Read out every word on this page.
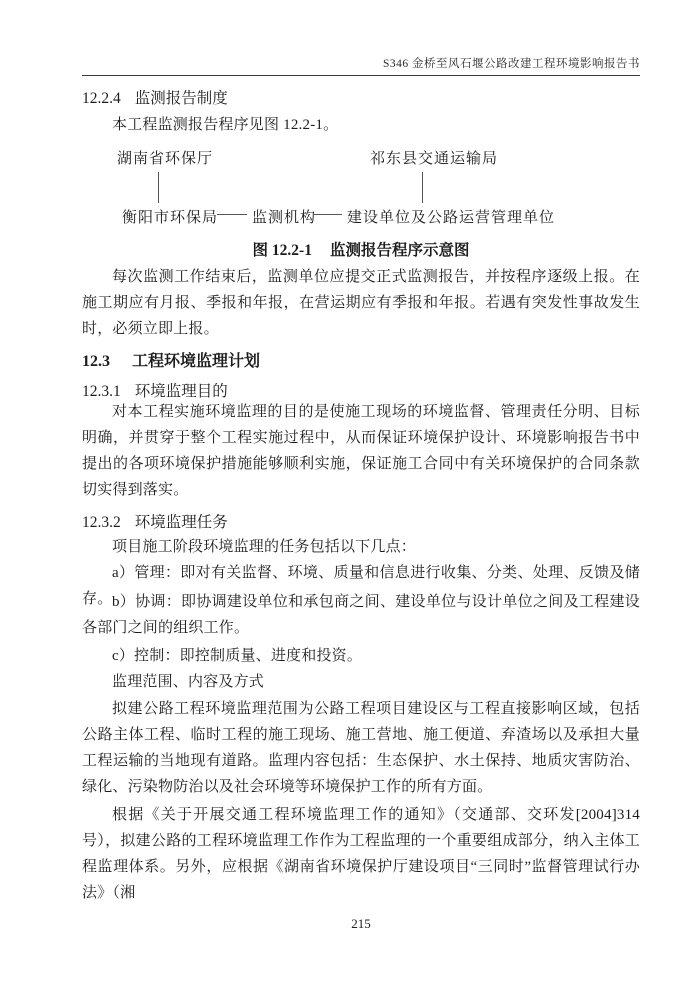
S346 金桥至风石堰公路改建工程环境影响报告书
12.2.4 监测报告制度
本工程监测报告程序见图 12.2-1。
湖南省环保厅	祁东县交通运输局
衡阳市环保局 监测机构 建设单位及公路运营管理单位
图 12.2-1 监测报告程序示意图
每次监测工作结束后，监测单位应提交正式监测报告，并按程序逐级上报。在施工期应有月报、季报和年报，在营运期应有季报和年报。若遇有突发性事故发生时，必须立即上报。
12.3 工程环境监理计划
12.3.1 环境监理目的
对本工程实施环境监理的目的是使施工现场的环境监督、管理责任分明、目标明确，并贯穿于整个工程实施过程中，从而保证环境保护设计、环境影响报告书中提出的各项环境保护措施能够顺利实施，保证施工合同中有关环境保护的合同条款切实得到落实。
12.3.2 环境监理任务
项目施工阶段环境监理的任务包括以下几点：
a）管理：即对有关监督、环境、质量和信息进行收集、分类、处理、反馈及储存。 b）协调：即协调建设单位和承包商之间、建设单位与设计单位之间及工程建设各部门之间的组织工作。
c）控制：即控制质量、进度和投资。
监理范围、内容及方式
拟建公路工程环境监理范围为公路工程项目建设区与工程直接影响区域，包括公路主体工程、临时工程的施工现场、施工营地、施工便道、弃渣场以及承担大量工程运输的当地现有道路。监理内容包括：生态保护、水土保持、地质灾害防治、绿化、污染物防治以及社会环境等环境保护工作的所有方面。
根据《关于开展交通工程环境监理工作的通知》（交通部、交环发[2004]314 号），拟建公路的工程环境监理工作作为工程监理的一个重要组成部分，纳入主体工程监理体系。另外，应根据《湖南省环境保护厅建设项目“三同时”监督管理试行办法》（湘
215
